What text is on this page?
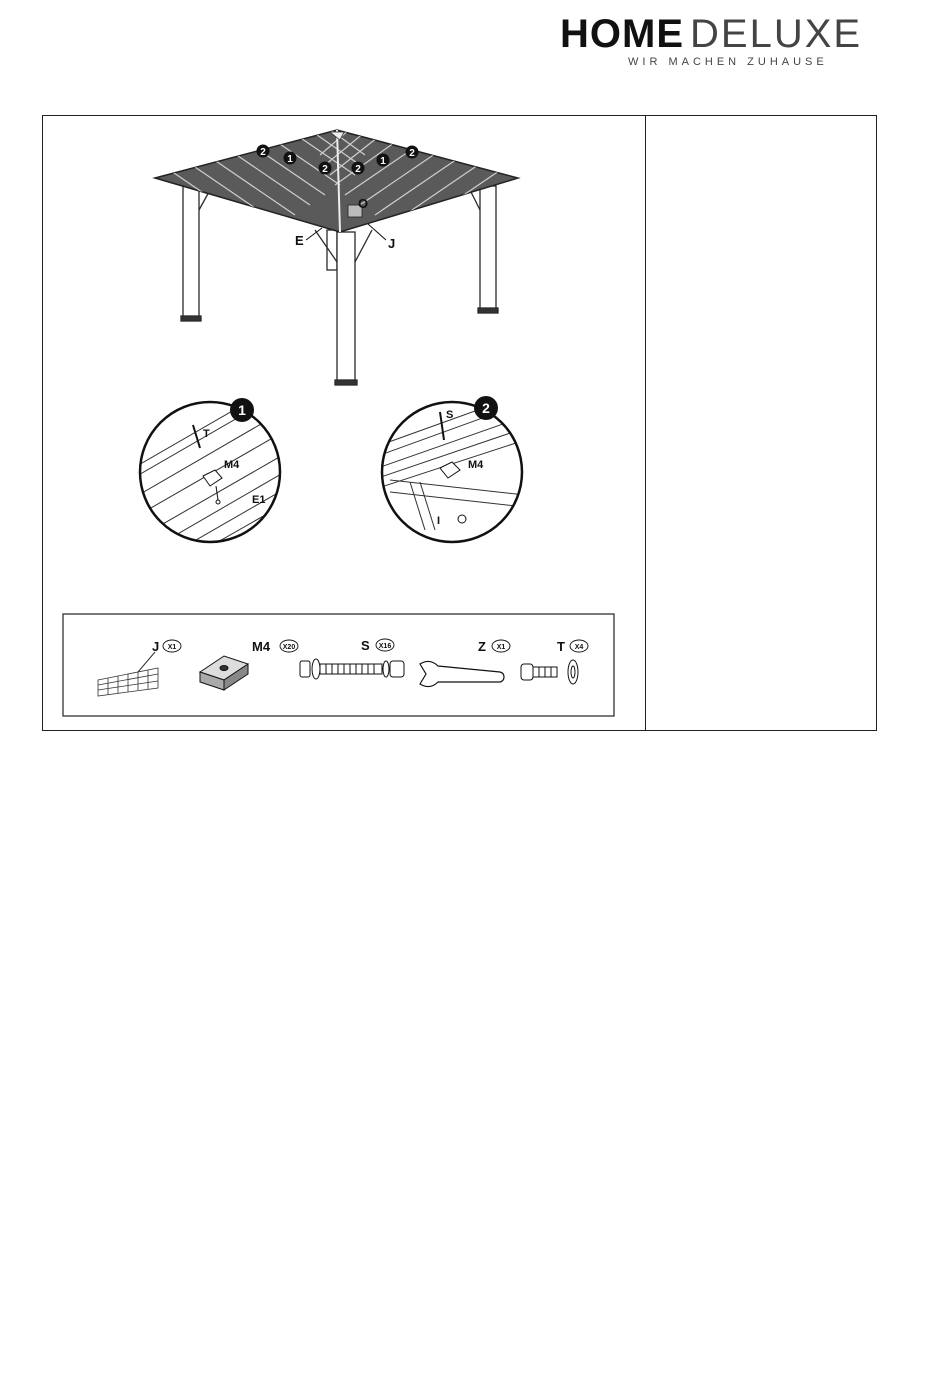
HOME DELUXE
WIR MACHEN ZUHAUSE
2
1
2	2
1
2
E
O
J
1
T
M4
E1
2
S
M4
I
J X1	M4 X20	S X16	Z X1	T X4
